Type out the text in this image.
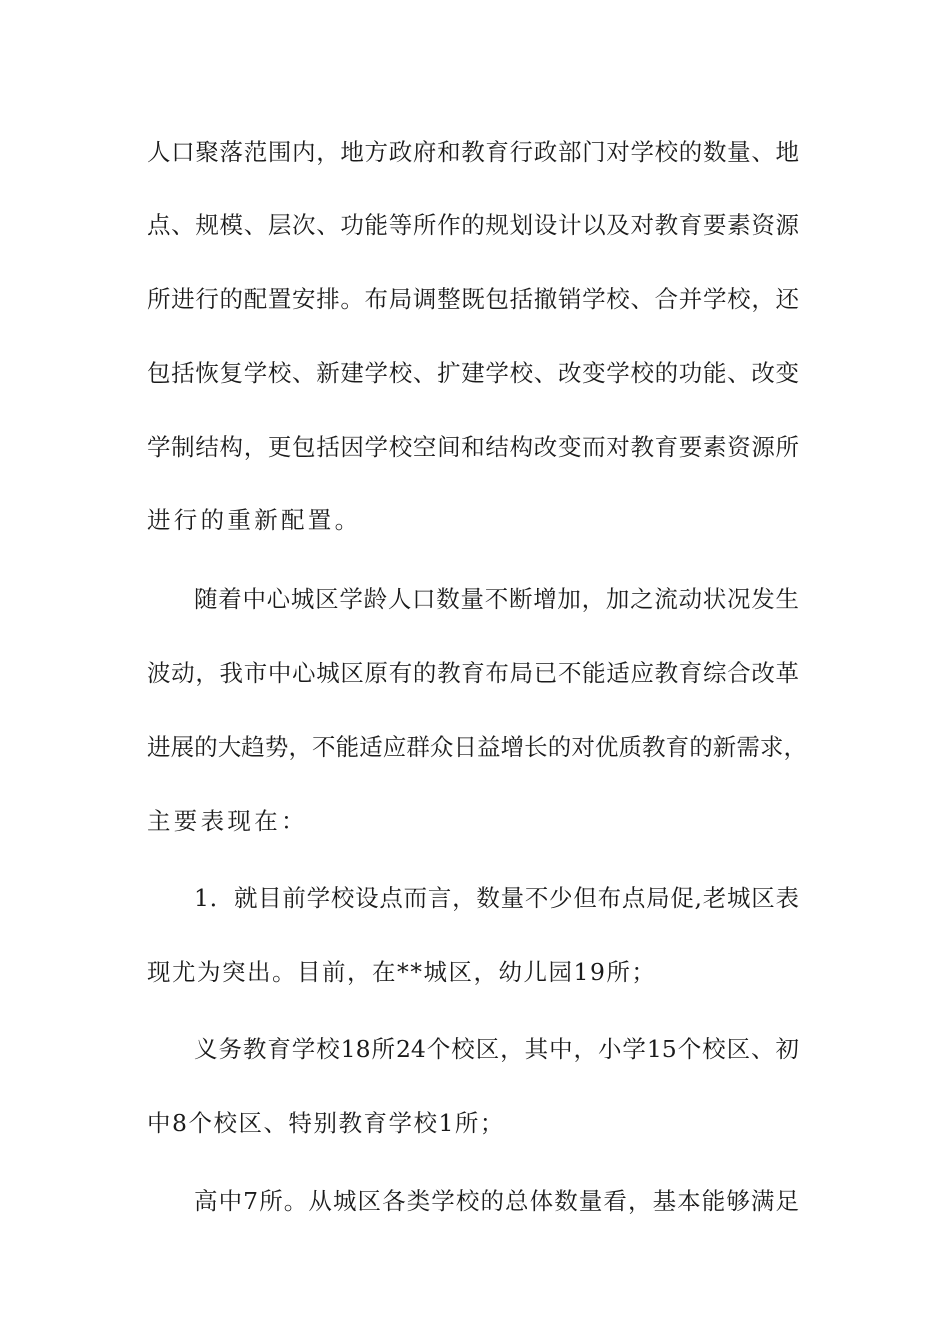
人口聚落范围内，地方政府和教育行政部门对学校的数量、地
点、规模、层次、功能等所作的规划设计以及对教育要素资源
所进行的配置安排。布局调整既包括撤销学校、合并学校，还
包括恢复学校、新建学校、扩建学校、改变学校的功能、改变
学制结构，更包括因学校空间和结构改变而对教育要素资源所
进行的重新配置。
随着中心城区学龄人口数量不断增加，加之流动状况发生
波动，我市中心城区原有的教育布局已不能适应教育综合改革
进展的大趋势，不能适应群众日益增长的对优质教育的新需求，
主要表现在：
1．就目前学校设点而言，数量不少但布点局促,老城区表
现尤为突出。目前，在**城区，幼儿园19所；
义务教育学校18所24个校区，其中，小学15个校区、初
中8个校区、特别教育学校1所；
高中7所。从城区各类学校的总体数量看，基本能够满足
